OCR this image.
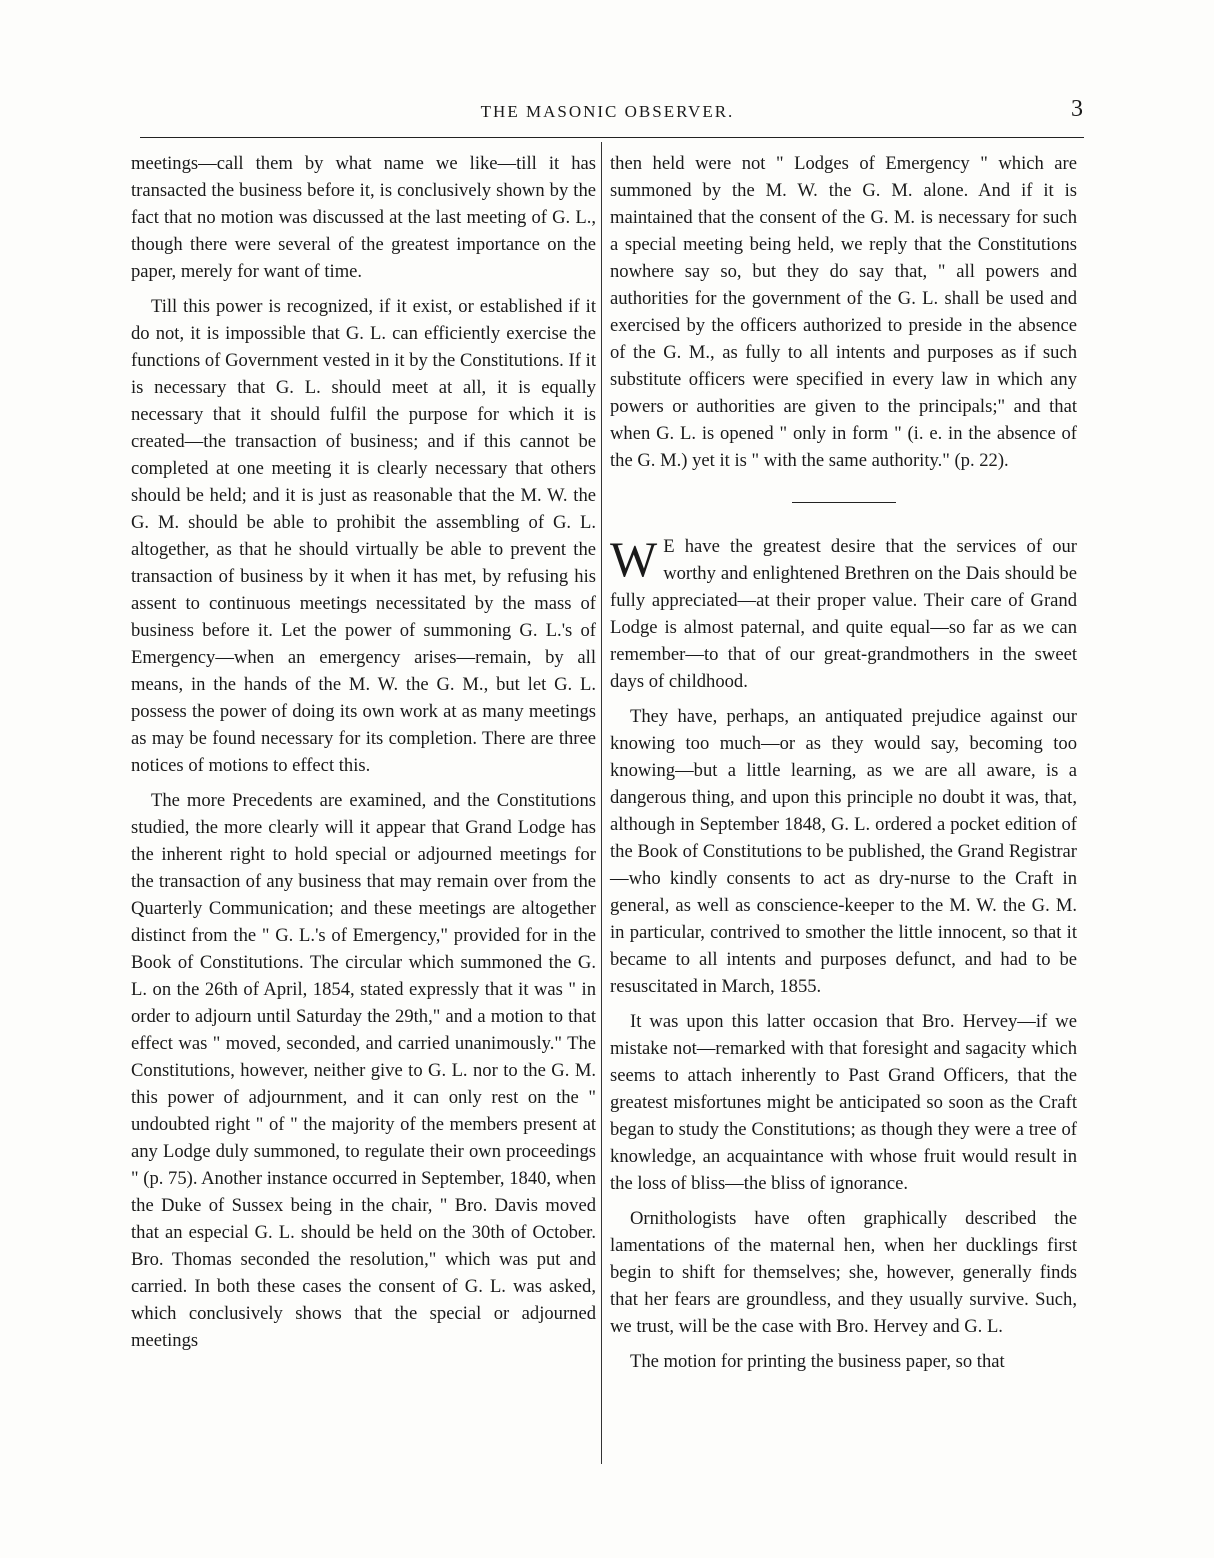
THE MASONIC OBSERVER.	3

meetings—call them by what name we like—till it has transacted the business before it, is conclusively shown by the fact that no motion was discussed at the last meeting of G. L., though there were several of the greatest importance on the paper, merely for want of time.

Till this power is recognized, if it exist, or established if it do not, it is impossible that G. L. can efficiently exercise the functions of Government vested in it by the Constitutions. If it is necessary that G. L. should meet at all, it is equally necessary that it should fulfil the purpose for which it is created—the transaction of business; and if this cannot be completed at one meeting it is clearly necessary that others should be held; and it is just as reasonable that the M. W. the G. M. should be able to prohibit the assembling of G. L. altogether, as that he should virtually be able to prevent the transaction of business by it when it has met, by refusing his assent to continuous meetings necessitated by the mass of business before it. Let the power of summoning G. L.'s of Emergency—when an emergency arises—remain, by all means, in the hands of the M. W. the G. M., but let G. L. possess the power of doing its own work at as many meetings as may be found necessary for its completion. There are three notices of motions to effect this.

The more Precedents are examined, and the Constitutions studied, the more clearly will it appear that Grand Lodge has the inherent right to hold special or adjourned meetings for the transaction of any business that may remain over from the Quarterly Communication; and these meetings are altogether distinct from the " G. L.'s of Emergency," provided for in the Book of Constitutions. The circular which summoned the G. L. on the 26th of April, 1854, stated expressly that it was " in order to adjourn until Saturday the 29th," and a motion to that effect was " moved, seconded, and carried unanimously." The Constitutions, however, neither give to G. L. nor to the G. M. this power of adjournment, and it can only rest on the " undoubted right " of " the majority of the members present at any Lodge duly summoned, to regulate their own proceedings " (p. 75). Another instance occurred in September, 1840, when the Duke of Sussex being in the chair, " Bro. Davis moved that an especial G. L. should be held on the 30th of October. Bro. Thomas seconded the resolution," which was put and carried. In both these cases the consent of G. L. was asked, which conclusively shows that the special or adjourned meetings

then held were not " Lodges of Emergency " which are summoned by the M. W. the G. M. alone. And if it is maintained that the consent of the G. M. is necessary for such a special meeting being held, we reply that the Constitutions nowhere say so, but they do say that, " all powers and authorities for the government of the G. L. shall be used and exercised by the officers authorized to preside in the absence of the G. M., as fully to all intents and purposes as if such substitute officers were specified in every law in which any powers or authorities are given to the principals;" and that when G. L. is opened " only in form " (i. e. in the absence of the G. M.) yet it is " with the same authority." (p. 22).

W E have the greatest desire that the services of our worthy and enlightened Brethren on the Dais should be fully appreciated—at their proper value. Their care of Grand Lodge is almost paternal, and quite equal—so far as we can remember—to that of our great-grandmothers in the sweet days of childhood.

They have, perhaps, an antiquated prejudice against our knowing too much—or as they would say, becoming too knowing—but a little learning, as we are all aware, is a dangerous thing, and upon this principle no doubt it was, that, although in September 1848, G. L. ordered a pocket edition of the Book of Constitutions to be published, the Grand Registrar—who kindly consents to act as dry-nurse to the Craft in general, as well as conscience-keeper to the M. W. the G. M. in particular, contrived to smother the little innocent, so that it became to all intents and purposes defunct, and had to be resuscitated in March, 1855.

It was upon this latter occasion that Bro. Hervey—if we mistake not—remarked with that foresight and sagacity which seems to attach inherently to Past Grand Officers, that the greatest misfortunes might be anticipated so soon as the Craft began to study the Constitutions; as though they were a tree of knowledge, an acquaintance with whose fruit would result in the loss of bliss—the bliss of ignorance.

Ornithologists have often graphically described the lamentations of the maternal hen, when her ducklings first begin to shift for themselves; she, however, generally finds that her fears are groundless, and they usually survive. Such, we trust, will be the case with Bro. Hervey and G. L.

The motion for printing the business paper, so that
